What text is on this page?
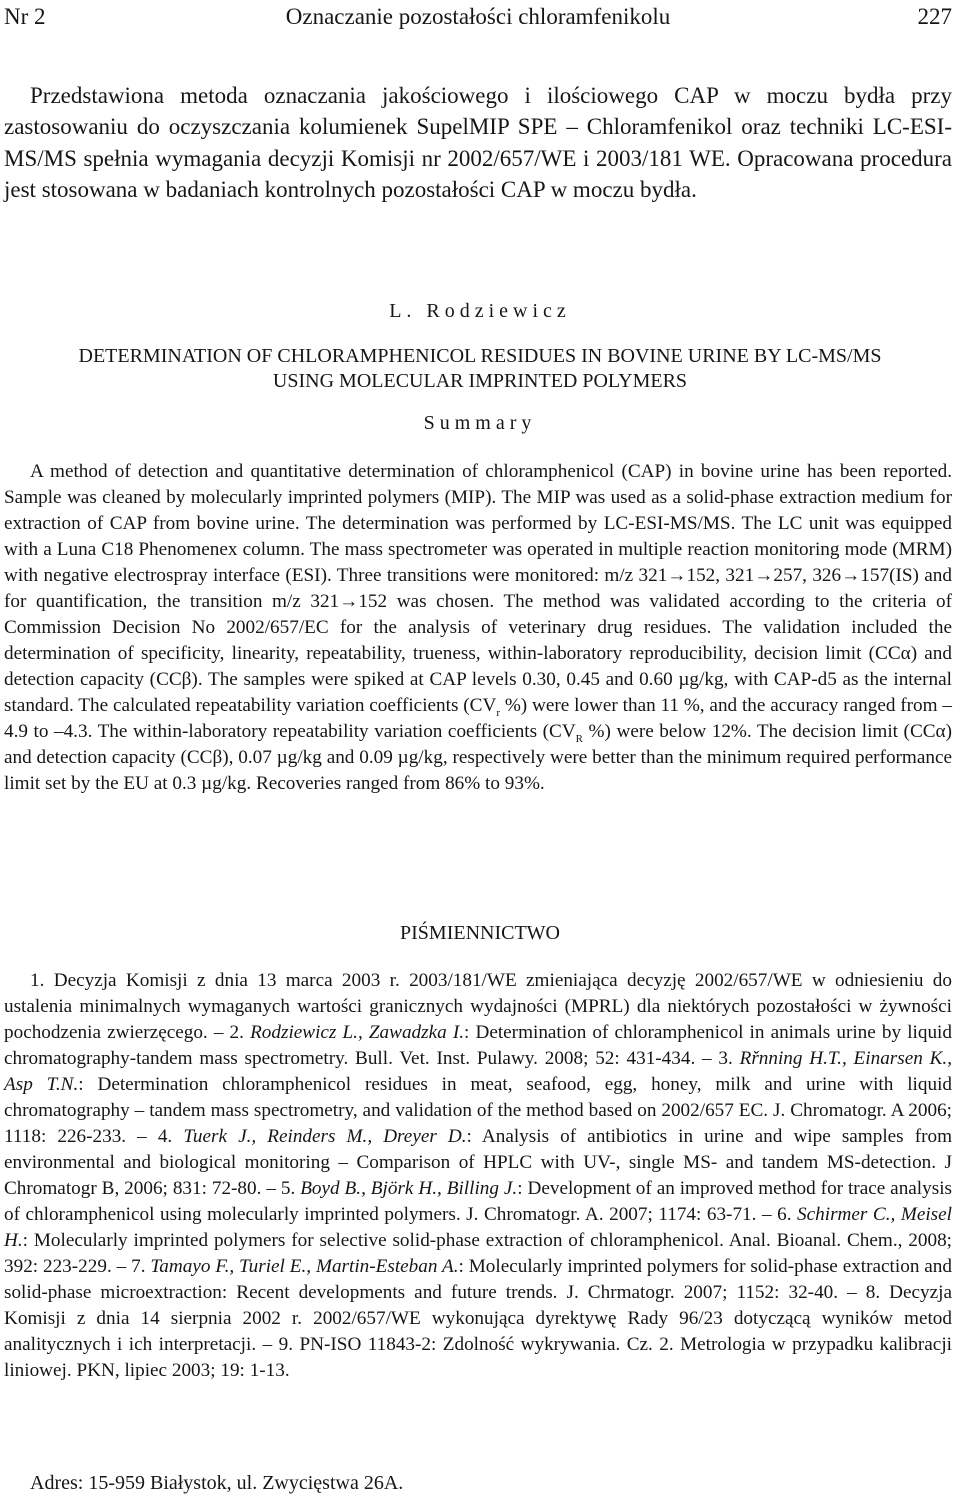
Nr 2	Oznaczanie pozostałości chloramfenikolu	227

Przedstawiona metoda oznaczania jakościowego i ilościowego CAP w moczu bydła przy zastosowaniu do oczyszczania kolumienek SupelMIP SPE – Chloramfenikol oraz techniki LC-ESI-MS/MS spełnia wymagania decyzji Komisji nr 2002/657/WE i 2003/181 WE. Opracowana procedura jest stosowana w badaniach kontrolnych pozostałości CAP w moczu bydła.

L. Rodziewicz
DETERMINATION OF CHLORAMPHENICOL RESIDUES IN BOVINE URINE BY LC-MS/MS
USING MOLECULAR IMPRINTED POLYMERS
Summary

A method of detection and quantitative determination of chloramphenicol (CAP) in bovine urine has been reported. Sample was cleaned by molecularly imprinted polymers (MIP). The MIP was used as a solid-phase extraction medium for extraction of CAP from bovine urine. The determination was performed by LC-ESI-MS/MS. The LC unit was equipped with a Luna C18 Phenomenex column. The mass spectrometer was operated in multiple reaction monitoring mode (MRM) with negative electrospray interface (ESI). Three transitions were monitored: m/z 321→152, 321→257, 326→157(IS) and for quantification, the transition m/z 321→152 was chosen. The method was validated according to the criteria of Commission Decision No 2002/657/EC for the analysis of veterinary drug residues. The validation included the determination of specificity, linearity, repeatability, trueness, within-laboratory reproducibility, decision limit (CCα) and detection capacity (CCβ). The samples were spiked at CAP levels 0.30, 0.45 and 0.60 µg/kg, with CAP-d5 as the internal standard. The calculated repeatability variation coefficients ($CV_r$ %) were lower than 11 %, and the accuracy ranged from –4.9 to –4.3. The within-laboratory repeatability variation coefficients ($CV_R$ %) were below 12%. The decision limit (CCα) and detection capacity (CCβ), 0.07 µg/kg and 0.09 µg/kg, respectively were better than the minimum required performance limit set by the EU at 0.3 µg/kg. Recoveries ranged from 86% to 93%.

PIŚMIENNICTWO

1. Decyzja Komisji z dnia 13 marca 2003 r. 2003/181/WE zmieniająca decyzję 2002/657/WE w odniesieniu do ustalenia minimalnych wymaganych wartości granicznych wydajności (MPRL) dla niektórych pozostałości w żywności pochodzenia zwierzęcego. – 2. Rodziewicz L., Zawadzka I.: Determination of chloramphenicol in animals urine by liquid chromatography-tandem mass spectrometry. Bull. Vet. Inst. Pulawy. 2008; 52: 431-434. – 3. Rřnning H.T., Einarsen K., Asp T.N.: Determination chloramphenicol residues in meat, seafood, egg, honey, milk and urine with liquid chromatography – tandem mass spectrometry, and validation of the method based on 2002/657 EC. J. Chromatogr. A 2006; 1118: 226-233. – 4. Tuerk J., Reinders M., Dreyer D.: Analysis of antibiotics in urine and wipe samples from environmental and biological monitoring – Comparison of HPLC with UV-, single MS- and tandem MS-detection. J Chromatogr B, 2006; 831: 72-80. – 5. Boyd B., Björk H., Billing J.: Development of an improved method for trace analysis of chloramphenicol using molecularly imprinted polymers. J. Chromatogr. A. 2007; 1174: 63-71. – 6. Schirmer C., Meisel H.: Molecularly imprinted polymers for selective solid-phase extraction of chloramphenicol. Anal. Bioanal. Chem., 2008; 392: 223-229. – 7. Tamayo F., Turiel E., Martin-Esteban A.: Molecularly imprinted polymers for solid-phase extraction and solid-phase microextraction: Recent developments and future trends. J. Chrmatogr. 2007; 1152: 32-40. – 8. Decyzja Komisji z dnia 14 sierpnia 2002 r. 2002/657/WE wykonująca dyrektywę Rady 96/23 dotyczącą wyników metod analitycznych i ich interpretacji. – 9. PN-ISO 11843-2: Zdolność wykrywania. Cz. 2. Metrologia w przypadku kalibracji liniowej. PKN, lipiec 2003; 19: 1-13.

Adres: 15-959 Białystok, ul. Zwycięstwa 26A.
